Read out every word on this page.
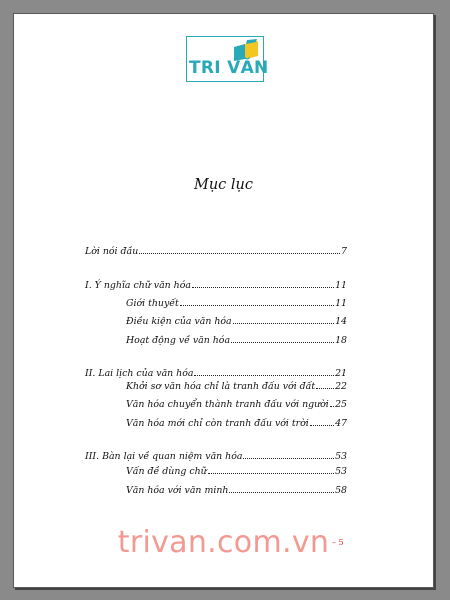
TRI VĂN
Mục lục
Lời nói đầu	7
I. Ý nghĩa chữ văn hóa	11
Giới thuyết	11
Điều kiện của văn hóa	14
Hoạt động về văn hóa	18
II. Lai lịch của văn hóa	21
Khởi sơ văn hóa chỉ là tranh đấu với đất 22
Văn hóa chuyển thành tranh đấu với người 25
Văn hóa mới chỉ còn tranh đấu với trời	47
III. Bàn lại về quan niệm văn hóa	53
Vấn đề dùng chữ	53
Văn hóa với văn minh	58
trivan.com.vn – 5
